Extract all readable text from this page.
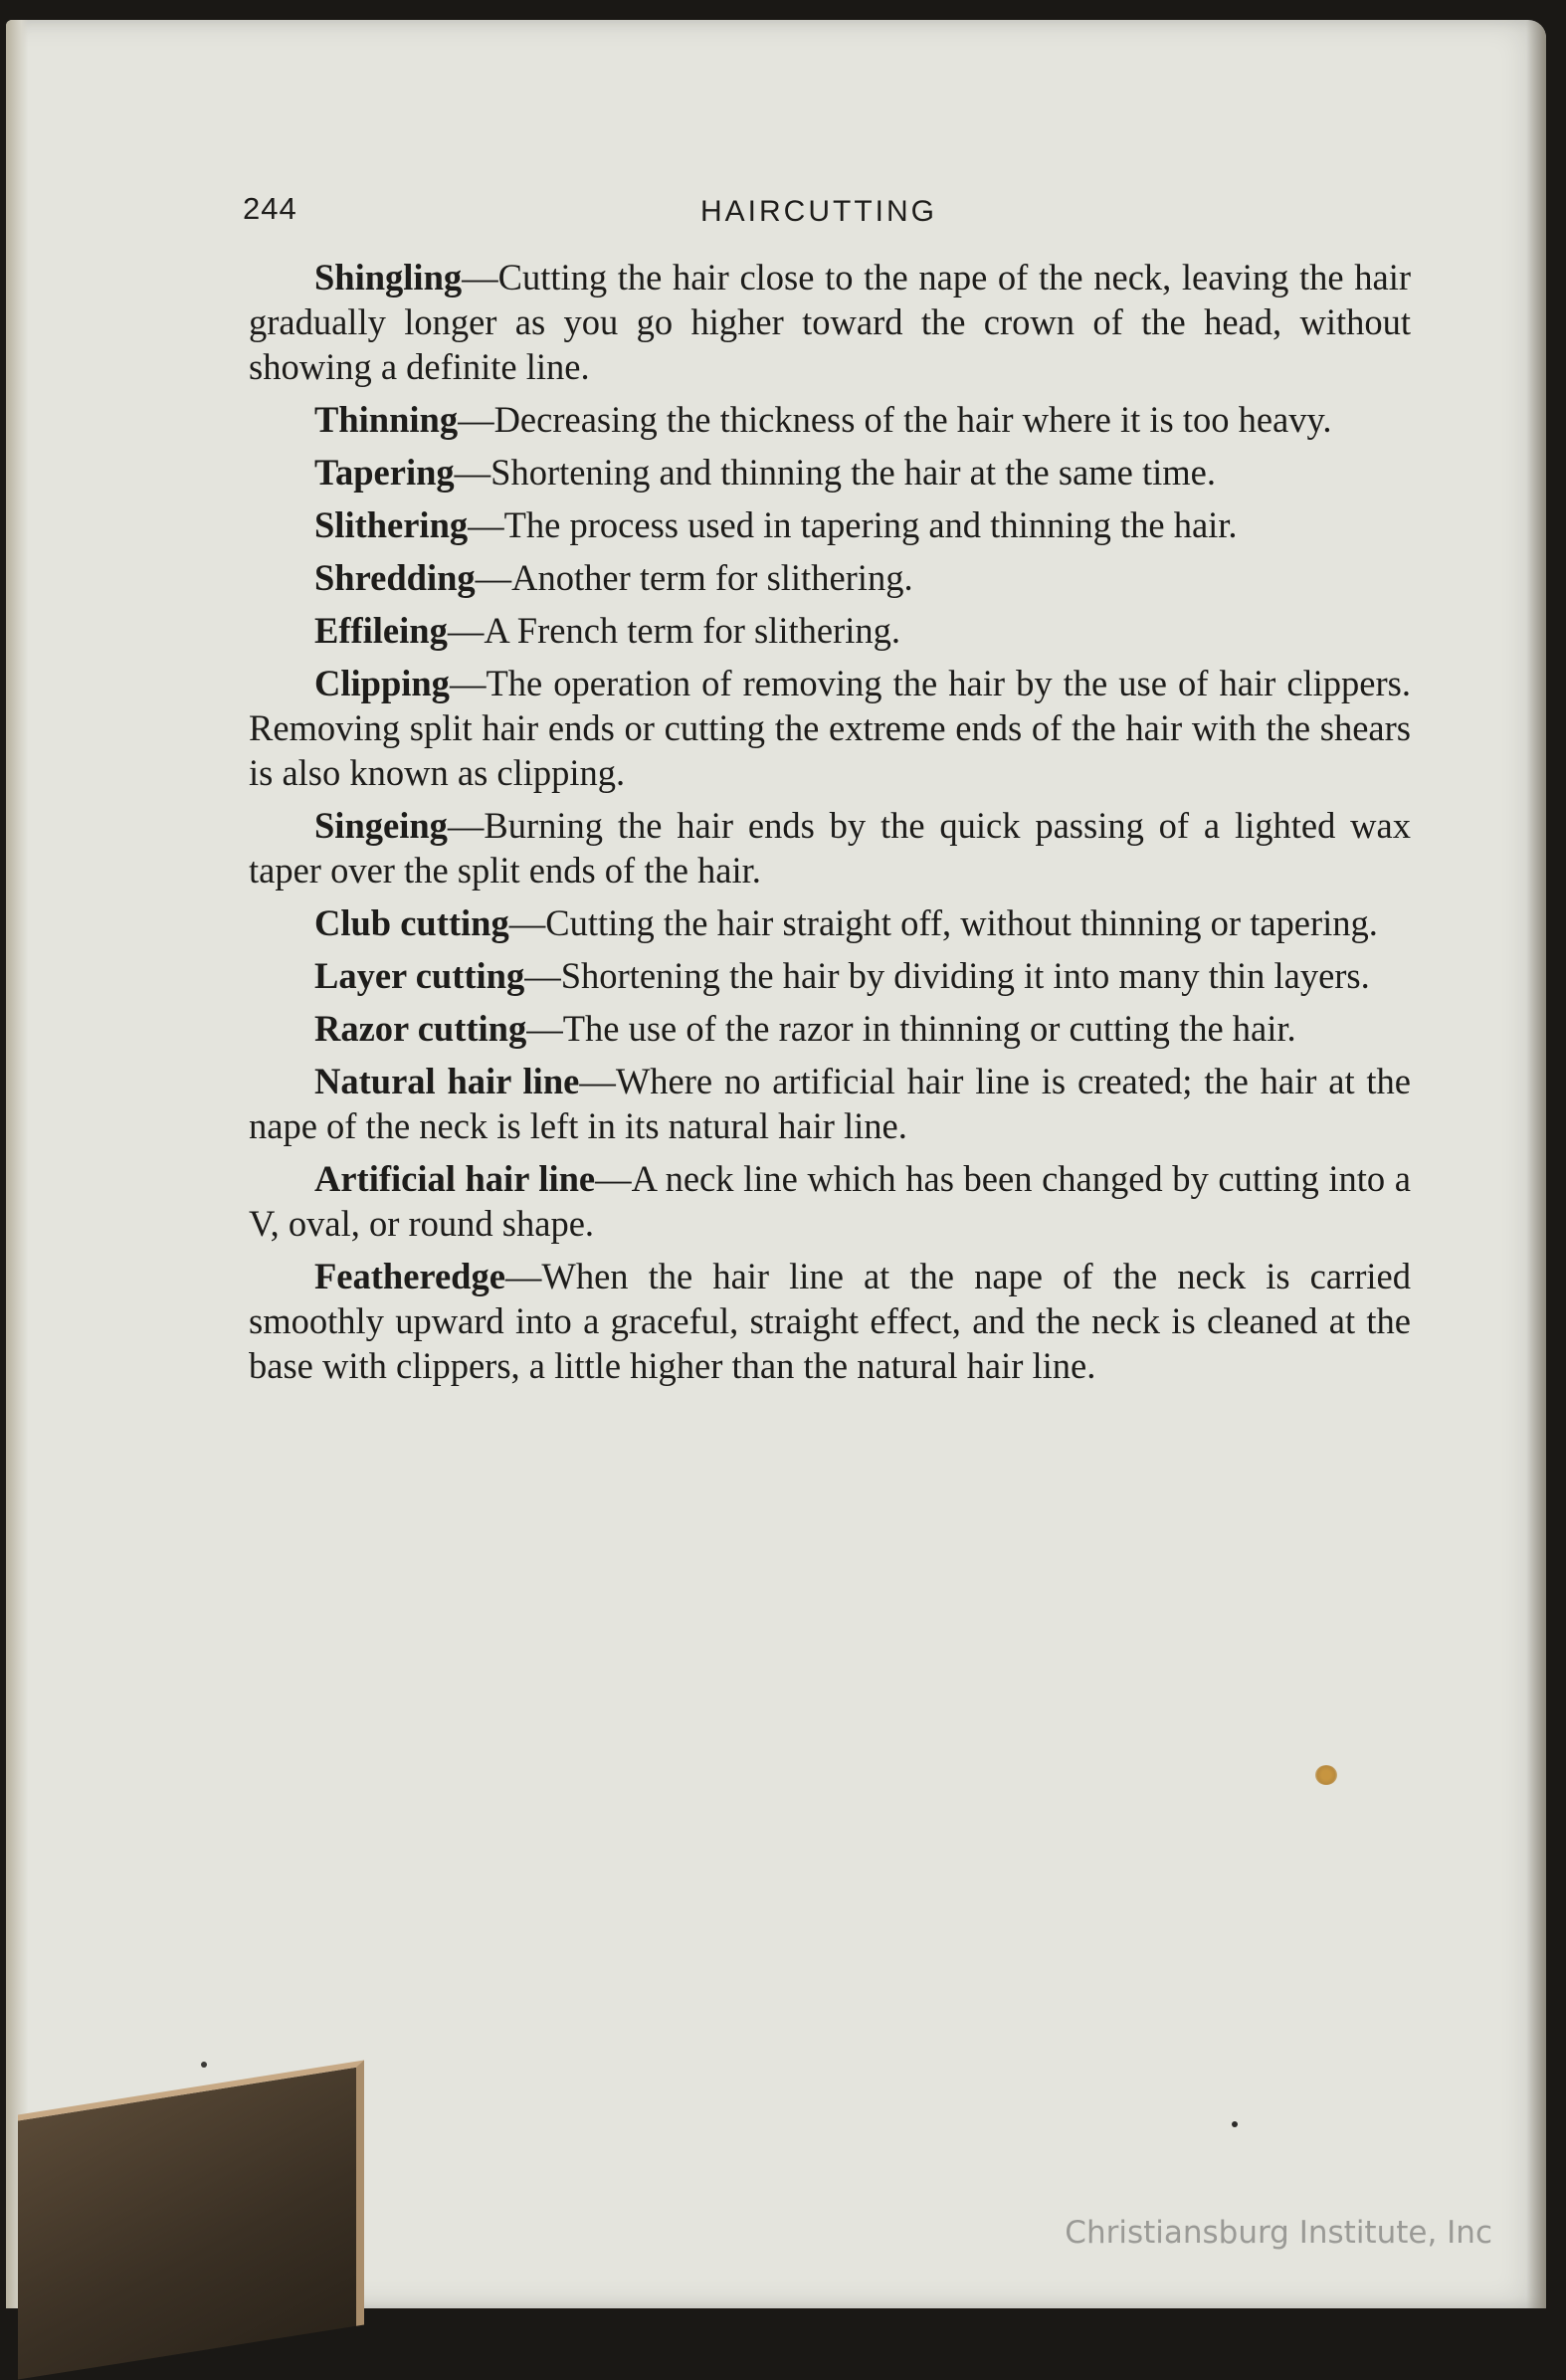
244	HAIRCUTTING
Shingling—Cutting the hair close to the nape of the neck, leaving the hair gradually longer as you go higher toward the crown of the head, without showing a definite line.
Thinning—Decreasing the thickness of the hair where it is too heavy.
Tapering—Shortening and thinning the hair at the same time.
Slithering—The process used in tapering and thinning the hair.
Shredding—Another term for slithering.
Effileing—A French term for slithering.
Clipping—The operation of removing the hair by the use of hair clippers. Removing split hair ends or cutting the extreme ends of the hair with the shears is also known as clipping.
Singeing—Burning the hair ends by the quick passing of a lighted wax taper over the split ends of the hair.
Club cutting—Cutting the hair straight off, without thinning or tapering.
Layer cutting—Shortening the hair by dividing it into many thin layers.
Razor cutting—The use of the razor in thinning or cutting the hair.
Natural hair line—Where no artificial hair line is created; the hair at the nape of the neck is left in its natural hair line.
Artificial hair line—A neck line which has been changed by cutting into a V, oval, or round shape.
Featheredge—When the hair line at the nape of the neck is carried smoothly upward into a graceful, straight effect, and the neck is cleaned at the base with clippers, a little higher than the natural hair line.
Christiansburg Institute, Inc
